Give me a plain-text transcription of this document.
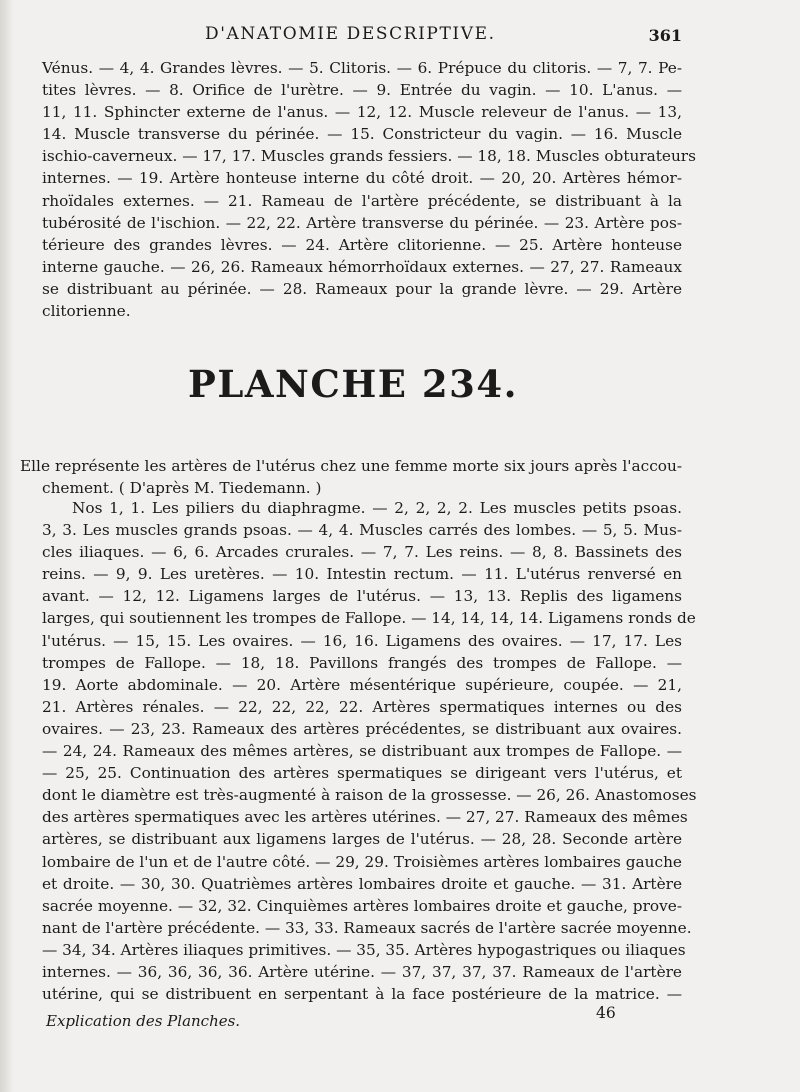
D'ANATOMIE DESCRIPTIVE.	361
Vénus. — 4, 4. Grandes lèvres. — 5. Clitoris. — 6. Prépuce du clitoris. — 7, 7. Pe-
tites lèvres. — 8. Orifice de l'urètre. — 9. Entrée du vagin. — 10. L'anus. —
11, 11. Sphincter externe de l'anus. — 12, 12. Muscle releveur de l'anus. — 13,
14. Muscle transverse du périnée. — 15. Constricteur du vagin. — 16. Muscle
ischio-caverneux. — 17, 17. Muscles grands fessiers. — 18, 18. Muscles obturateurs
internes. — 19. Artère honteuse interne du côté droit. — 20, 20. Artères hémor-
rhoïdales externes. — 21. Rameau de l'artère précédente, se distribuant à la
tubérosité de l'ischion. — 22, 22. Artère transverse du périnée. — 23. Artère pos-
térieure des grandes lèvres. — 24. Artère clitorienne. — 25. Artère honteuse
interne gauche. — 26, 26. Rameaux hémorrhoïdaux externes. — 27, 27. Rameaux
se distribuant au périnée. — 28. Rameaux pour la grande lèvre. — 29. Artère
clitorienne.
PLANCHE 234.
Elle représente les artères de l'utérus chez une femme morte six jours après l'accou-
chement. ( D'après M. Tiedemann. )
Nos 1, 1. Les piliers du diaphragme. — 2, 2, 2, 2. Les muscles petits psoas.
3, 3. Les muscles grands psoas. — 4, 4. Muscles carrés des lombes. — 5, 5. Mus-
cles iliaques. — 6, 6. Arcades crurales. — 7, 7. Les reins. — 8, 8. Bassinets des
reins. — 9, 9. Les uretères. — 10. Intestin rectum. — 11. L'utérus renversé en
avant. — 12, 12. Ligamens larges de l'utérus. — 13, 13. Replis des ligamens
larges, qui soutiennent les trompes de Fallope. — 14, 14, 14, 14. Ligamens ronds de
l'utérus. — 15, 15. Les ovaires. — 16, 16. Ligamens des ovaires. — 17, 17. Les
trompes de Fallope. — 18, 18. Pavillons frangés des trompes de Fallope. —
19. Aorte abdominale. — 20. Artère mésentérique supérieure, coupée. — 21,
21. Artères rénales. — 22, 22, 22, 22. Artères spermatiques internes ou des
ovaires. — 23, 23. Rameaux des artères précédentes, se distribuant aux ovaires.
— 24, 24. Rameaux des mêmes artères, se distribuant aux trompes de Fallope. —
— 25, 25. Continuation des artères spermatiques se dirigeant vers l'utérus, et
dont le diamètre est très-augmenté à raison de la grossesse. — 26, 26. Anastomoses
des artères spermatiques avec les artères utérines. — 27, 27. Rameaux des mêmes
artères, se distribuant aux ligamens larges de l'utérus. — 28, 28. Seconde artère
lombaire de l'un et de l'autre côté. — 29, 29. Troisièmes artères lombaires gauche
et droite. — 30, 30. Quatrièmes artères lombaires droite et gauche. — 31. Artère
sacrée moyenne. — 32, 32. Cinquièmes artères lombaires droite et gauche, prove-
nant de l'artère précédente. — 33, 33. Rameaux sacrés de l'artère sacrée moyenne.
— 34, 34. Artères iliaques primitives. — 35, 35. Artères hypogastriques ou iliaques
internes. — 36, 36, 36, 36. Artère utérine. — 37, 37, 37, 37. Rameaux de l'artère
utérine, qui se distribuent en serpentant à la face postérieure de la matrice. —
Explication des Planches.	46
